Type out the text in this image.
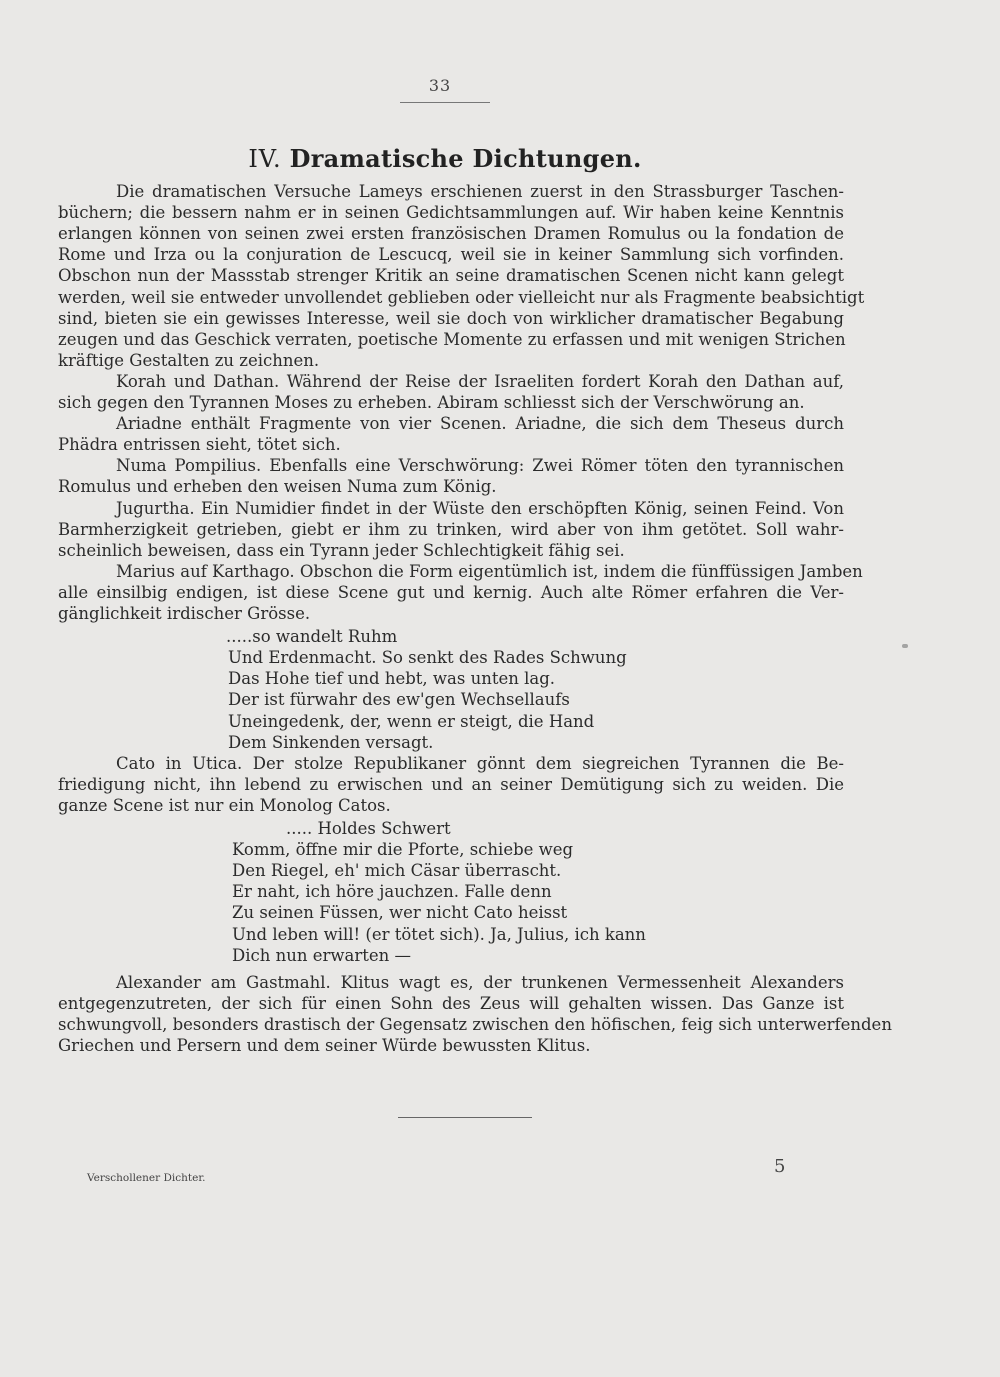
33
IV. Dramatische Dichtungen.
Die dramatischen Versuche Lameys erschienen zuerst in den Strassburger Taschen-
büchern; die bessern nahm er in seinen Gedichtsammlungen auf. Wir haben keine Kenntnis
erlangen können von seinen zwei ersten französischen Dramen Romulus ou la fondation de
Rome und Irza ou la conjuration de Lescucq, weil sie in keiner Sammlung sich vorfinden.
Obschon nun der Massstab strenger Kritik an seine dramatischen Scenen nicht kann gelegt
werden, weil sie entweder unvollendet geblieben oder vielleicht nur als Fragmente beabsichtigt
sind, bieten sie ein gewisses Interesse, weil sie doch von wirklicher dramatischer Begabung
zeugen und das Geschick verraten, poetische Momente zu erfassen und mit wenigen Strichen
kräftige Gestalten zu zeichnen.
Korah und Dathan. Während der Reise der Israeliten fordert Korah den Dathan auf,
sich gegen den Tyrannen Moses zu erheben. Abiram schliesst sich der Verschwörung an.
Ariadne enthält Fragmente von vier Scenen. Ariadne, die sich dem Theseus durch
Phädra entrissen sieht, tötet sich.
Numa Pompilius. Ebenfalls eine Verschwörung: Zwei Römer töten den tyrannischen
Romulus und erheben den weisen Numa zum König.
Jugurtha. Ein Numidier findet in der Wüste den erschöpften König, seinen Feind. Von
Barmherzigkeit getrieben, giebt er ihm zu trinken, wird aber von ihm getötet. Soll wahr-
scheinlich beweisen, dass ein Tyrann jeder Schlechtigkeit fähig sei.
Marius auf Karthago. Obschon die Form eigentümlich ist, indem die fünffüssigen Jamben
alle einsilbig endigen, ist diese Scene gut und kernig. Auch alte Römer erfahren die Ver-
gänglichkeit irdischer Grösse.
.....so wandelt Ruhm
Und Erdenmacht. So senkt des Rades Schwung
Das Hohe tief und hebt, was unten lag.
Der ist fürwahr des ew'gen Wechsellaufs
Uneingedenk, der, wenn er steigt, die Hand
Dem Sinkenden versagt.
Cato in Utica. Der stolze Republikaner gönnt dem siegreichen Tyrannen die Be-
friedigung nicht, ihn lebend zu erwischen und an seiner Demütigung sich zu weiden. Die
ganze Scene ist nur ein Monolog Catos.
..... Holdes Schwert
Komm, öffne mir die Pforte, schiebe weg
Den Riegel, eh' mich Cäsar überrascht.
Er naht, ich höre jauchzen. Falle denn
Zu seinen Füssen, wer nicht Cato heisst
Und leben will! (er tötet sich). Ja, Julius, ich kann
Dich nun erwarten —
Alexander am Gastmahl. Klitus wagt es, der trunkenen Vermessenheit Alexanders
entgegenzutreten, der sich für einen Sohn des Zeus will gehalten wissen. Das Ganze ist
schwungvoll, besonders drastisch der Gegensatz zwischen den höfischen, feig sich unterwerfenden
Griechen und Persern und dem seiner Würde bewussten Klitus.
Verschollener Dichter.
5
